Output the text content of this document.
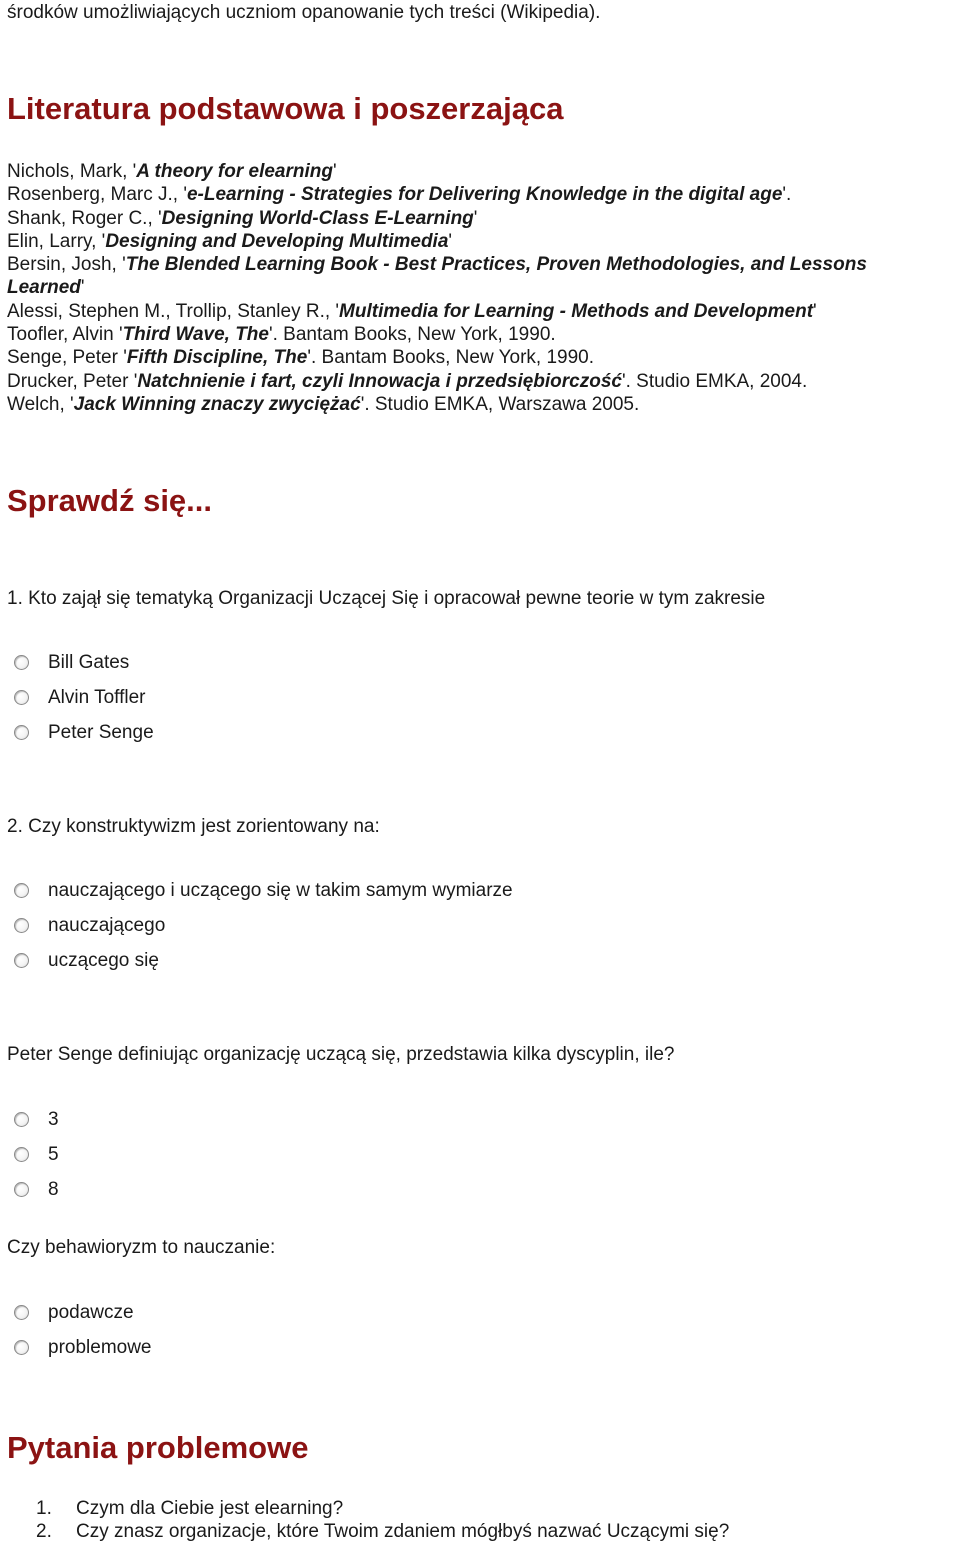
środków umożliwiających uczniom opanowanie tych treści (Wikipedia).
Literatura podstawowa i poszerzająca
Nichols, Mark, 'A theory for elearning'
Rosenberg, Marc J., 'e-Learning - Strategies for Delivering Knowledge in the digital age'.
Shank, Roger C., 'Designing World-Class E-Learning'
Elin, Larry, 'Designing and Developing Multimedia'
Bersin, Josh, 'The Blended Learning Book - Best Practices, Proven Methodologies, and Lessons
Learned'
Alessi, Stephen M., Trollip, Stanley R., 'Multimedia for Learning - Methods and Development'
Toofler, Alvin 'Third Wave, The'. Bantam Books, New York, 1990.
Senge, Peter 'Fifth Discipline, The'. Bantam Books, New York, 1990.
Drucker, Peter 'Natchnienie i fart, czyli Innowacja i przedsiębiorczość'. Studio EMKA, 2004.
Welch, 'Jack Winning znaczy zwyciężać'. Studio EMKA, Warszawa 2005.
Sprawdź się...
1. Kto zajął się tematyką Organizacji Uczącej Się i opracował pewne teorie w tym zakresie
Bill Gates
Alvin Toffler
Peter Senge
2. Czy konstruktywizm jest zorientowany na:
nauczającego i uczącego się w takim samym wymiarze
nauczającego
uczącego się
Peter Senge definiując organizację uczącą się, przedstawia kilka dyscyplin, ile?
3
5
8
Czy behawioryzm to nauczanie:
podawcze
problemowe
Pytania problemowe
1. Czym dla Ciebie jest elearning?
2. Czy znasz organizacje, które Twoim zdaniem mógłbyś nazwać Uczącymi się?
